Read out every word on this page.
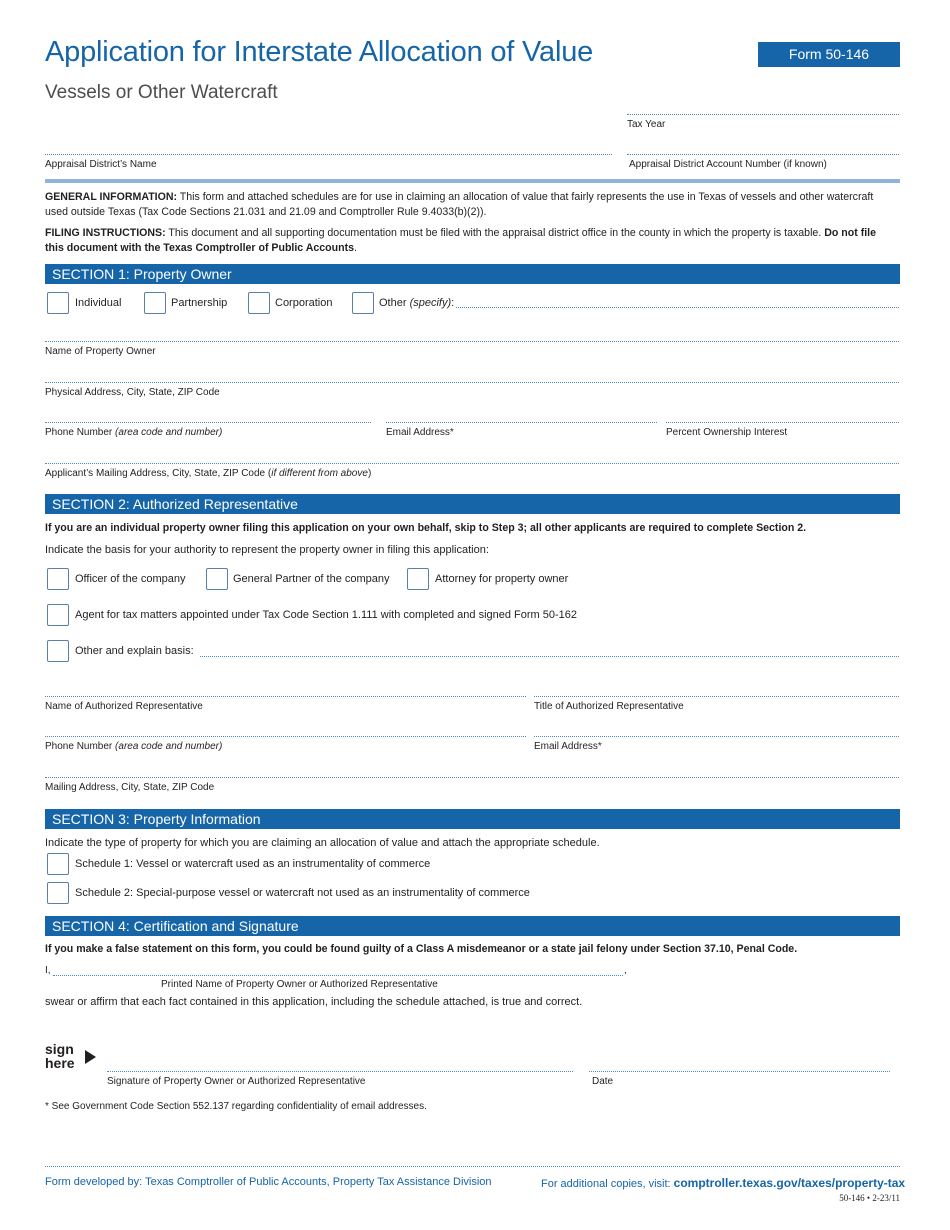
Application for Interstate Allocation of Value
Vessels or Other Watercraft
Form 50-146
Tax Year
Appraisal District’s Name	Appraisal District Account Number (if known)
GENERAL INFORMATION: This form and attached schedules are for use in claiming an allocation of value that fairly represents the use in Texas of vessels and other watercraft used outside Texas (Tax Code Sections 21.031 and 21.09 and Comptroller Rule 9.4033(b)(2)).
FILING INSTRUCTIONS: This document and all supporting documentation must be filed with the appraisal district office in the county in which the property is taxable. Do not file this document with the Texas Comptroller of Public Accounts.
SECTION 1: Property Owner
Individual	Partnership	Corporation	Other (specify):
Name of Property Owner
Physical Address, City, State, ZIP Code
Phone Number (area code and number)	Email Address*	Percent Ownership Interest
Applicant’s Mailing Address, City, State, ZIP Code (if different from above)
SECTION 2: Authorized Representative
If you are an individual property owner filing this application on your own behalf, skip to Step 3; all other applicants are required to complete Section 2.
Indicate the basis for your authority to represent the property owner in filing this application:
Officer of the company	General Partner of the company	Attorney for property owner
Agent for tax matters appointed under Tax Code Section 1.111 with completed and signed Form 50-162
Other and explain basis:
Name of Authorized Representative	Title of Authorized Representative
Phone Number (area code and number)	Email Address*
Mailing Address, City, State, ZIP Code
SECTION 3: Property Information
Indicate the type of property for which you are claiming an allocation of value and attach the appropriate schedule.
Schedule 1: Vessel or watercraft used as an instrumentality of commerce
Schedule 2: Special-purpose vessel or watercraft not used as an instrumentality of commerce
SECTION 4: Certification and Signature
If you make a false statement on this form, you could be found guilty of a Class A misdemeanor or a state jail felony under Section 37.10, Penal Code.
I,	,
Printed Name of Property Owner or Authorized Representative
swear or affirm that each fact contained in this application, including the schedule attached, is true and correct.
sign
here
Signature of Property Owner or Authorized Representative	Date
* See Government Code Section 552.137 regarding confidentiality of email addresses.
Form developed by: Texas Comptroller of Public Accounts, Property Tax Assistance Division	For additional copies, visit: comptroller.texas.gov/taxes/property-tax
50-146 • 2-23/11
